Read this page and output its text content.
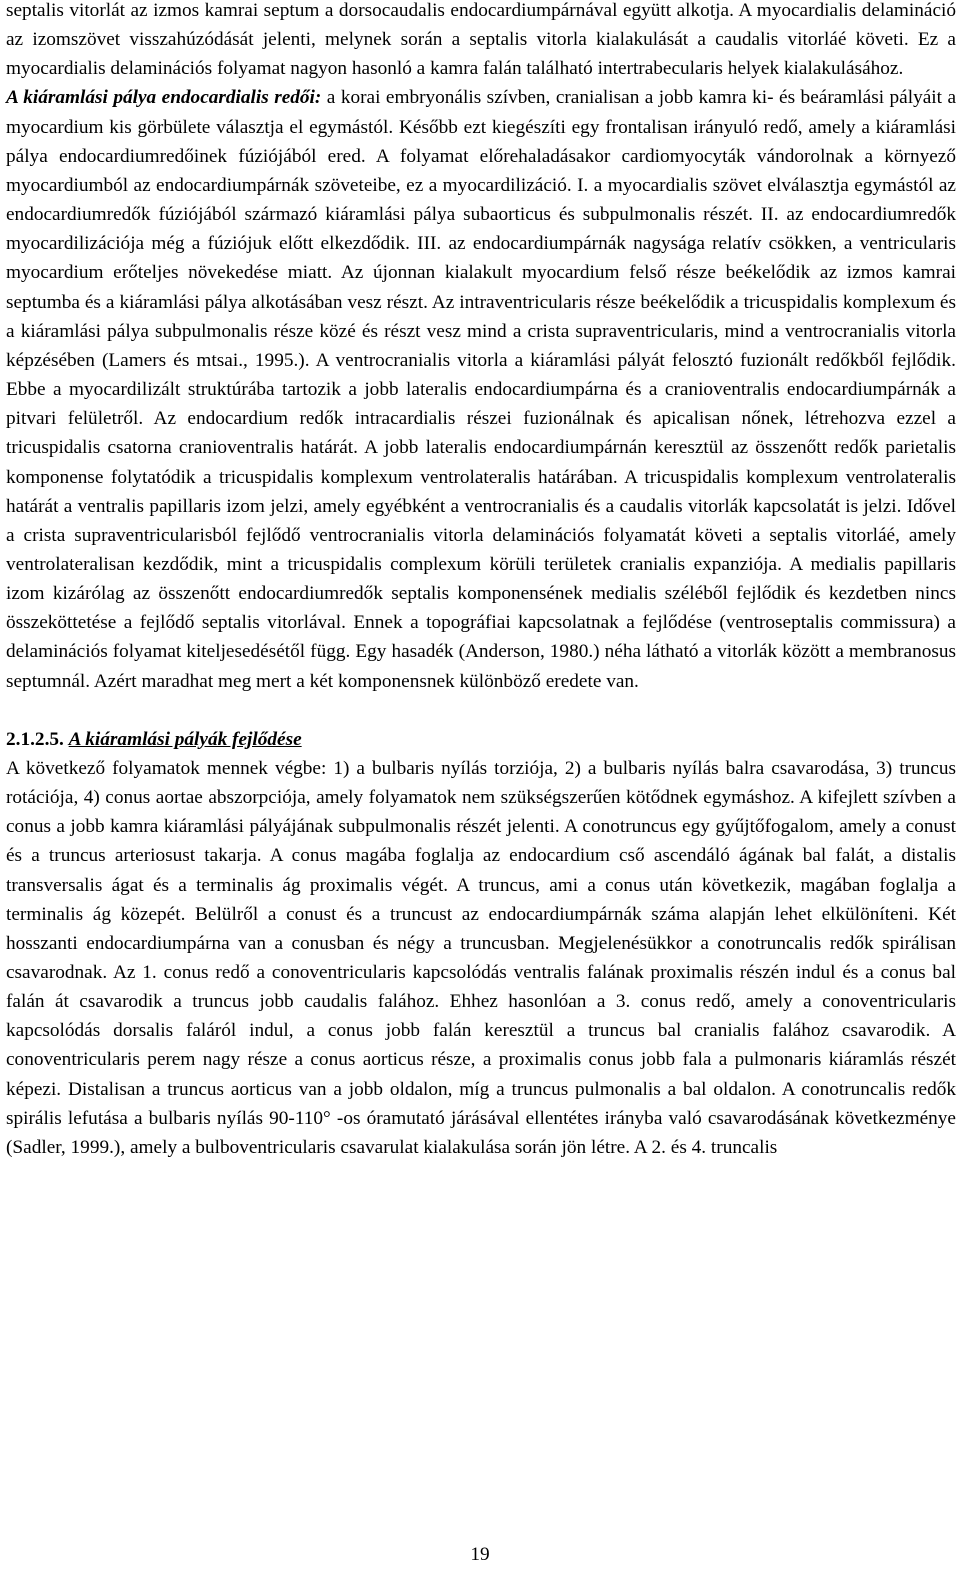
septalis vitorlát az izmos kamrai septum a dorsocaudalis endocardiumpárnával együtt alkotja. A myocardialis delamináció az izomszövet visszahúzódását jelenti, melynek során a septalis vitorla kialakulását a caudalis vitorláé követi. Ez a myocardialis delaminációs folyamat nagyon hasonló a kamra falán található intertrabecularis helyek kialakulásához.

A kiáramlási pálya endocardialis redői: a korai embryonális szívben, cranialisan a jobb kamra ki- és beáramlási pályáit a myocardium kis görbülete választja el egymástól. Később ezt kiegészíti egy frontalisan irányuló redő, amely a kiáramlási pálya endocardiumredőinek fúziójából ered. A folyamat előrehaladásakor cardiomyocyták vándorolnak a környező myocardiumból az endocardiumpárnák szöveteibe, ez a myocardilizáció. I. a myocardialis szövet elválasztja egymástól az endocardiumredők fúziójából származó kiáramlási pálya subaorticus és subpulmonalis részét. II. az endocardiumredők myocardilizációja még a fúziójuk előtt elkezdődik. III. az endocardiumpárnák nagysága relatív csökken, a ventricularis myocardium erőteljes növekedése miatt. Az újonnan kialakult myocardium felső része beékelődik az izmos kamrai septumba és a kiáramlási pálya alkotásában vesz részt. Az intraventricularis része beékelődik a tricuspidalis komplexum és a kiáramlási pálya subpulmonalis része közé és részt vesz mind a crista supraventricularis, mind a ventrocranialis vitorla képzésében (Lamers és mtsai., 1995.). A ventrocranialis vitorla a kiáramlási pályát felosztó fuzionált redőkből fejlődik. Ebbe a myocardilizált struktúrába tartozik a jobb lateralis endocardiumpárna és a cranioventralis endocardiumpárnák a pitvari felületről. Az endocardium redők intracardialis részei fuzionálnak és apicalisan nőnek, létrehozva ezzel a tricuspidalis csatorna cranioventralis határát. A jobb lateralis endocardiumpárnán keresztül az összenőtt redők parietalis komponense folytatódik a tricuspidalis komplexum ventrolateralis határában. A tricuspidalis komplexum ventrolateralis határát a ventralis papillaris izom jelzi, amely egyébként a ventrocranialis és a caudalis vitorlák kapcsolatát is jelzi. Idővel a crista supraventricularisból fejlődő ventrocranialis vitorla delaminációs folyamatát követi a septalis vitorláé, amely ventrolateralisan kezdődik, mint a tricuspidalis complexum körüli területek cranialis expanziója. A medialis papillaris izom kizárólag az összenőtt endocardiumredők septalis komponensének medialis széléből fejlődik és kezdetben nincs összeköttetése a fejlődő septalis vitorlával. Ennek a topográfiai kapcsolatnak a fejlődése (ventroseptalis commissura) a delaminációs folyamat kiteljesedésétől függ. Egy hasadék (Anderson, 1980.) néha látható a vitorlák között a membranosus septumnál. Azért maradhat meg mert a két komponensnek különböző eredete van.

2.1.2.5. A kiáramlási pályák fejlődése

A következő folyamatok mennek végbe: 1) a bulbaris nyílás torziója, 2) a bulbaris nyílás balra csavarodása, 3) truncus rotációja, 4) conus aortae abszorpciója, amely folyamatok nem szükségszerűen kötődnek egymáshoz. A kifejlett szívben a conus a jobb kamra kiáramlási pályájának subpulmonalis részét jelenti. A conotruncus egy gyűjtőfogalom, amely a conust és a truncus arteriosust takarja. A conus magába foglalja az endocardium cső ascendáló ágának bal falát, a distalis transversalis ágat és a terminalis ág proximalis végét. A truncus, ami a conus után következik, magában foglalja a terminalis ág közepét. Belülről a conust és a truncust az endocardiumpárnák száma alapján lehet elkülöníteni. Két hosszanti endocardiumpárna van a conusban és négy a truncusban. Megjelenésükkor a conotruncalis redők spirálisan csavarodnak. Az 1. conus redő a conoventricularis kapcsolódás ventralis falának proximalis részén indul és a conus bal falán át csavarodik a truncus jobb caudalis falához. Ehhez hasonlóan a 3. conus redő, amely a conoventricularis kapcsolódás dorsalis faláról indul, a conus jobb falán keresztül a truncus bal cranialis falához csavarodik. A conoventricularis perem nagy része a conus aorticus része, a proximalis conus jobb fala a pulmonaris kiáramlás részét képezi. Distalisan a truncus aorticus van a jobb oldalon, míg a truncus pulmonalis a bal oldalon. A conotruncalis redők spirális lefutása a bulbaris nyílás 90-110° -os óramutató járásával ellentétes irányba való csavarodásának következménye (Sadler, 1999.), amely a bulboventricularis csavarulat kialakulása során jön létre. A 2. és 4. truncalis

19
